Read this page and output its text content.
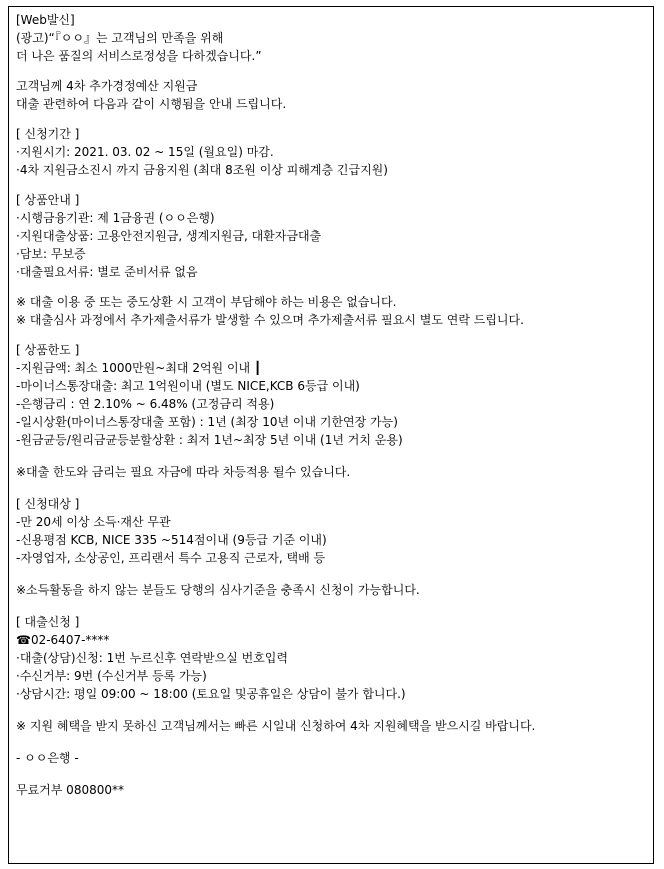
[Web발신]
(광고)“『ㅇㅇ』는 고객님의 만족을 위해
더 나은 품질의 서비스로정성을 다하겠습니다.”
고객님께 4차 추가경정예산 지원금
대출 관련하여 다음과 같이 시행됨을 안내 드립니다.
[ 신청기간 ]
·지원시기: 2021. 03. 02 ~ 15일 (월요일) 마감.
·4차 지원금소진시 까지 금융지원 (최대 8조원 이상 피해계층 긴급지원)
[ 상품안내 ]
·시행금융기관: 제 1금융권 (ㅇㅇ은행)
·지원대출상품: 고용안전지원금, 생계지원금, 대환자금대출
·담보: 무보증
·대출필요서류: 별로 준비서류 없음
※ 대출 이용 중 또는 중도상환 시 고객이 부담해야 하는 비용은 없습니다.
※ 대출심사 과정에서 추가제출서류가 발생할 수 있으며 추가제출서류 필요시 별도 연락 드립니다.
[ 상품한도 ]
-지원금액: 최소 1000만원~최대 2억원 이내 ┃
-마이너스통장대출: 최고 1억원이내 (별도 NICE,KCB 6등급 이내)
-은행금리 : 연 2.10% ~ 6.48% (고정금리 적용)
-일시상환(마이너스통장대출 포함) : 1년 (최장 10년 이내 기한연장 가능)
-원금균등/원리금균등분할상환 : 최저 1년~최장 5년 이내 (1년 거치 운용)
※대출 한도와 금리는 필요 자금에 따라 차등적용 될수 있습니다.
[ 신청대상 ]
-만 20세 이상 소득·재산 무관
-신용평점 KCB, NICE 335 ~514점이내 (9등급 기준 이내)
-자영업자, 소상공인, 프리랜서 특수 고용직 근로자, 택배 등
※소득활동을 하지 않는 분들도 당행의 심사기준을 충족시 신청이 가능합니다.
[ 대출신청 ]
☎02-6407-****
·대출(상담)신청: 1번 누르신후 연락받으실 번호입력
·수신거부: 9번 (수신거부 등록 가능)
·상담시간: 평일 09:00 ~ 18:00 (토요일 및공휴일은 상담이 불가 합니다.)
※ 지원 혜택을 받지 못하신 고객님께서는 빠른 시일내 신청하여 4차 지원혜택을 받으시길 바랍니다.
- ㅇㅇ은행 -
무료거부 080800**
